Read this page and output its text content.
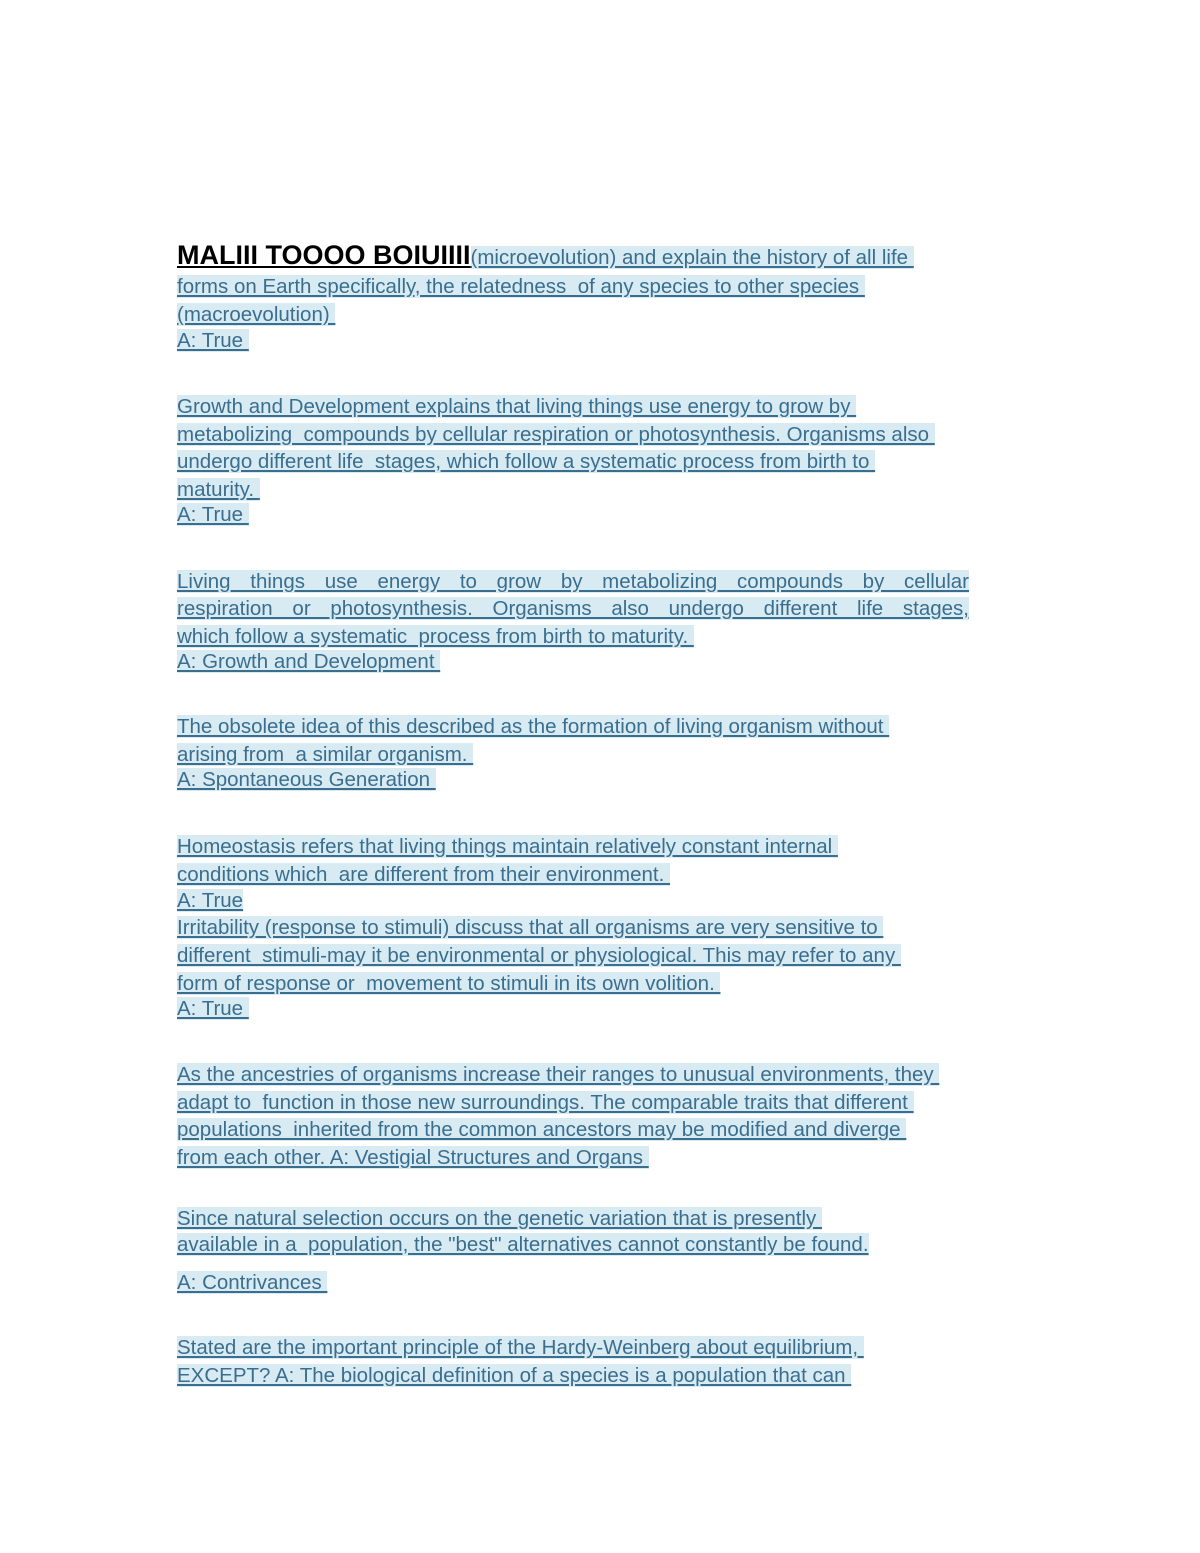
MALIII TOOOO BOIUIIII(microevolution) and explain the history of all life
forms on Earth specifically, the relatedness  of any species to other species
(macroevolution)
A: True
Growth and Development explains that living things use energy to grow by
metabolizing  compounds by cellular respiration or photosynthesis. Organisms also
undergo different life  stages, which follow a systematic process from birth to
maturity.
A: True
Living things use energy to grow by metabolizing compounds by cellular
respiration or photosynthesis. Organisms also undergo different life stages,
which follow a systematic  process from birth to maturity.
A: Growth and Development
The obsolete idea of this described as the formation of living organism without
arising from  a similar organism.
A: Spontaneous Generation
Homeostasis refers that living things maintain relatively constant internal
conditions which  are different from their environment.
A: True
Irritability (response to stimuli) discuss that all organisms are very sensitive to
different  stimuli-may it be environmental or physiological. This may refer to any
form of response or  movement to stimuli in its own volition.
A: True
As the ancestries of organisms increase their ranges to unusual environments, they
adapt to  function in those new surroundings. The comparable traits that different
populations  inherited from the common ancestors may be modified and diverge
from each other. A: Vestigial Structures and Organs
Since natural selection occurs on the genetic variation that is presently
available in a  population, the "best" alternatives cannot constantly be found.
A: Contrivances
Stated are the important principle of the Hardy-Weinberg about equilibrium,
EXCEPT? A: The biological definition of a species is a population that can
